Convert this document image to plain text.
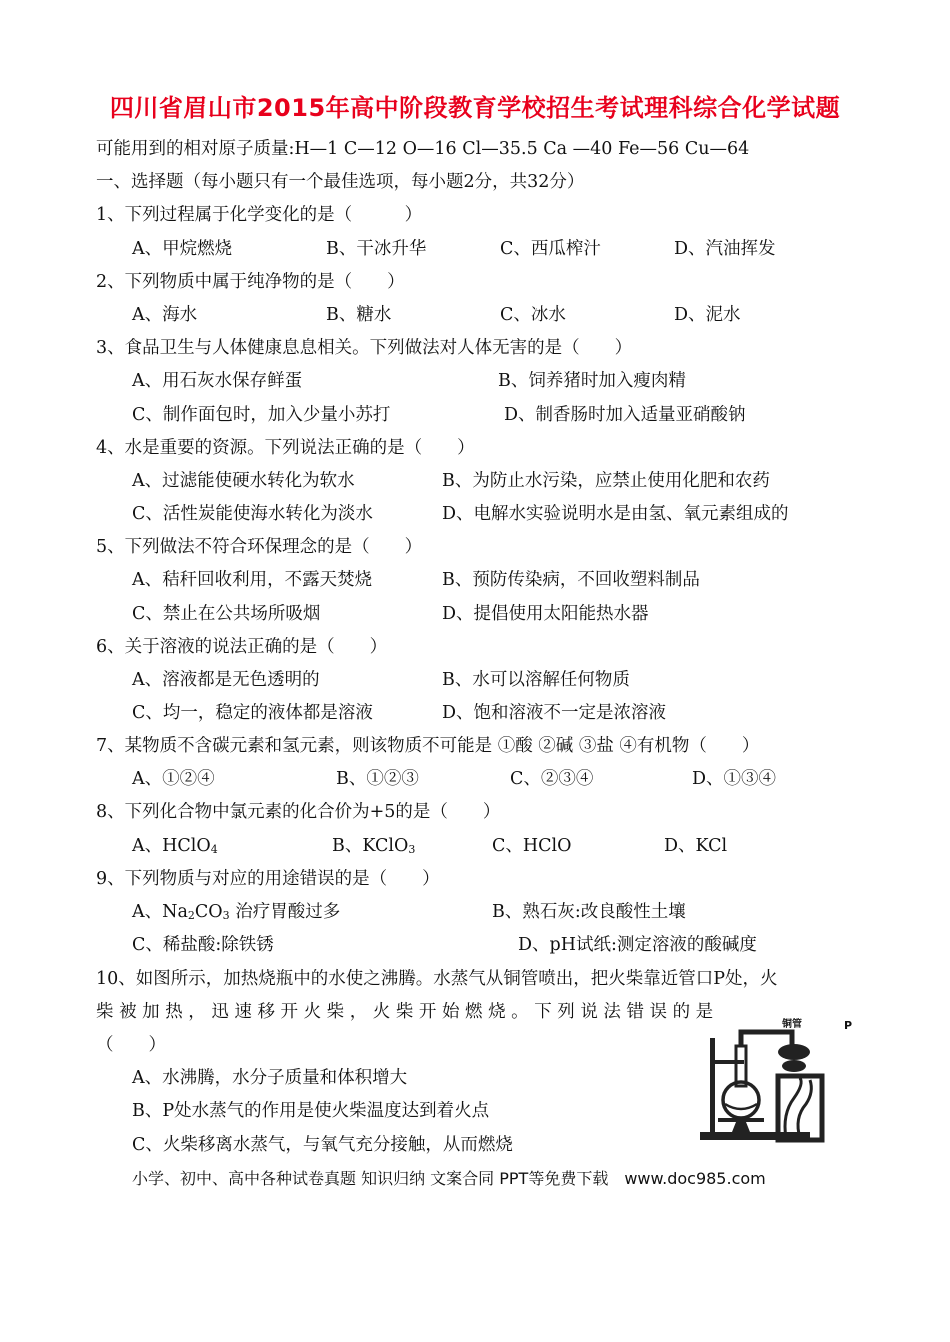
四川省眉山市2015年高中阶段教育学校招生考试理科综合化学试题
可能用到的相对原子质量:H—1 C—12 O—16 Cl—35.5 Ca —40 Fe—56 Cu—64
一、选择题（每小题只有一个最佳选项，每小题2分，共32分）
1、下列过程属于化学变化的是（　　　）
A、甲烷燃烧	B、干冰升华	C、西瓜榨汁	D、汽油挥发
2、下列物质中属于纯净物的是（　　）
A、海水	B、糖水	C、冰水	D、泥水
3、食品卫生与人体健康息息相关。下列做法对人体无害的是（　　）
A、用石灰水保存鲜蛋	B、饲养猪时加入瘦肉精
C、制作面包时，加入少量小苏打	D、制香肠时加入适量亚硝酸钠
4、水是重要的资源。下列说法正确的是（　　）
A、过滤能使硬水转化为软水	B、为防止水污染，应禁止使用化肥和农药
C、活性炭能使海水转化为淡水	D、电解水实验说明水是由氢、氧元素组成的
5、下列做法不符合环保理念的是（　　）
A、秸秆回收利用，不露天焚烧	B、预防传染病，不回收塑料制品
C、禁止在公共场所吸烟	D、提倡使用太阳能热水器
6、关于溶液的说法正确的是（　　）
A、溶液都是无色透明的	B、水可以溶解任何物质
C、均一，稳定的液体都是溶液	D、饱和溶液不一定是浓溶液
7、某物质不含碳元素和氢元素，则该物质不可能是 ①酸 ②碱 ③盐 ④有机物（　　）
A、①②④	B、①②③	C、②③④	D、①③④
8、下列化合物中氯元素的化合价为+5的是（　　）
A、HClO4	B、KClO3	C、HClO	D、KCl
9、下列物质与对应的用途错误的是（　　）
A、Na2CO3 治疗胃酸过多	B、熟石灰:改良酸性土壤
C、稀盐酸:除铁锈	D、pH试纸:测定溶液的酸碱度
10、如图所示，加热烧瓶中的水使之沸腾。水蒸气从铜管喷出，把火柴靠近管口P处，火
柴 被 加 热 ， 迅 速 移 开 火 柴 ， 火 柴 开 始 燃 烧 。 下 列 说 法 错 误 的 是
（　　）
A、水沸腾，水分子质量和体积增大
B、P处水蒸气的作用是使火柴温度达到着火点
C、火柴移离水蒸气，与氧气充分接触，从而燃烧
铜管	P
小学、初中、高中各种试卷真题 知识归纳 文案合同 PPT等免费下载　www.doc985.com
